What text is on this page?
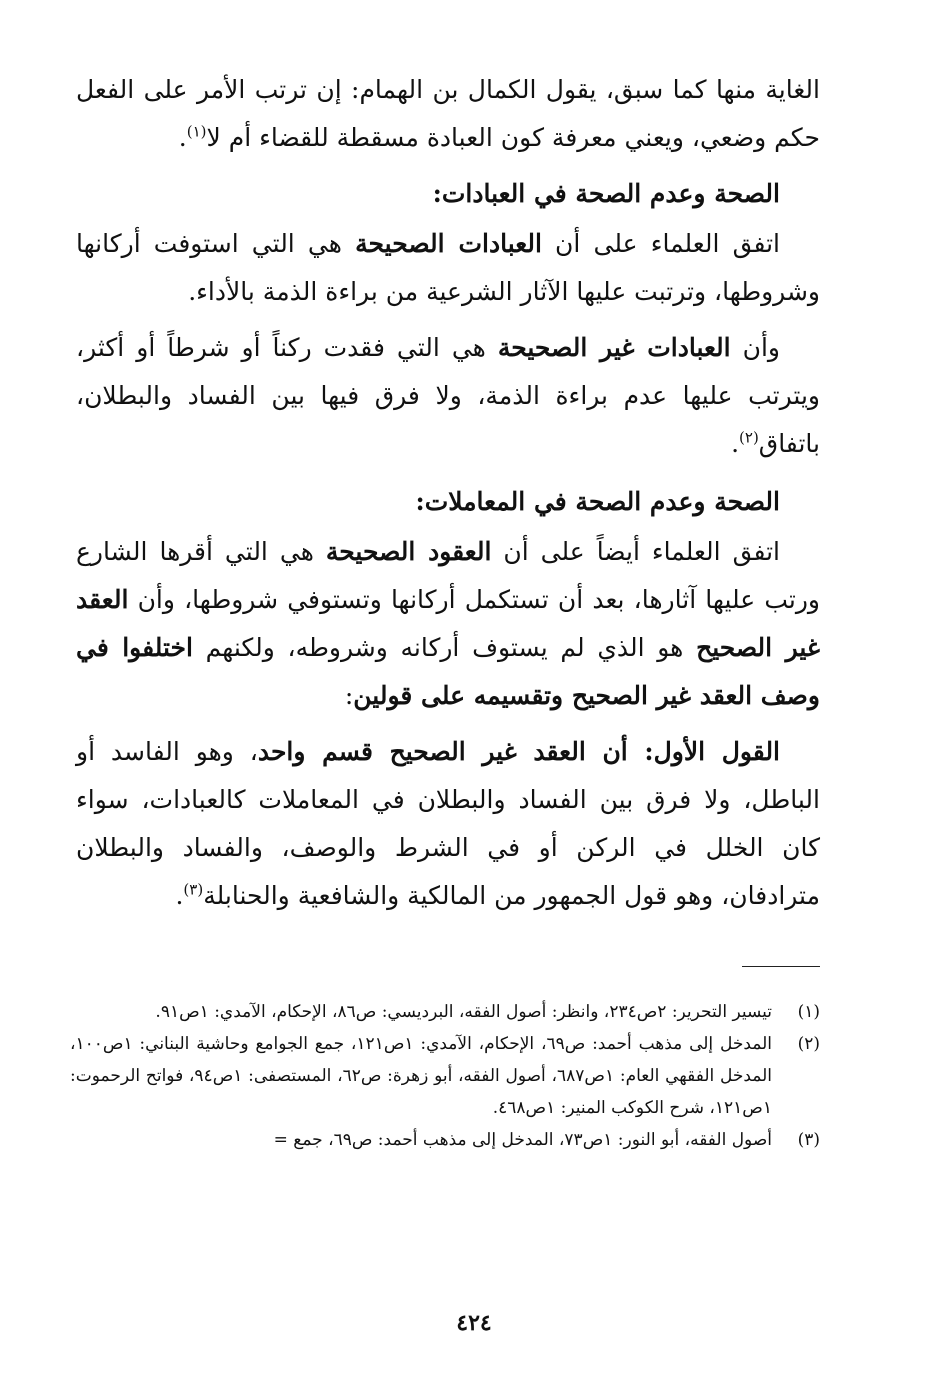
الغاية منها كما سبق، يقول الكمال بن الهمام: إن ترتب الأمر على الفعل حكم وضعي، ويعني معرفة كون العبادة مسقطة للقضاء أم لا$^{(١)}$.

الصحة وعدم الصحة في العبادات:

اتفق العلماء على أن العبادات الصحيحة هي التي استوفت أركانها وشروطها، وترتبت عليها الآثار الشرعية من براءة الذمة بالأداء.

وأن العبادات غير الصحيحة هي التي فقدت ركناً أو شرطاً أو أكثر، ويترتب عليها عدم براءة الذمة، ولا فرق فيها بين الفساد والبطلان، باتفاق$^{(٢)}$.

الصحة وعدم الصحة في المعاملات:

اتفق العلماء أيضاً على أن العقود الصحيحة هي التي أقرها الشارع ورتب عليها آثارها، بعد أن تستكمل أركانها وتستوفي شروطها، وأن العقد غير الصحيح هو الذي لم يستوف أركانه وشروطه، ولكنهم اختلفوا في وصف العقد غير الصحيح وتقسيمه على قولين:

القول الأول: أن العقد غير الصحيح قسم واحد، وهو الفاسد أو الباطل، ولا فرق بين الفساد والبطلان في المعاملات كالعبادات، سواء كان الخلل في الركن أو في الشرط والوصف، والفساد والبطلان مترادفان، وهو قول الجمهور من المالكية والشافعية والحنابلة$^{(٣)}$.

(١)
تيسير التحرير: ٢ص٢٣٤، وانظر: أصول الفقه، البرديسي: ص٨٦، الإحكام، الآمدي: ١ص٩١.

(٢)
المدخل إلى مذهب أحمد: ص٦٩، الإحكام، الآمدي: ١ص١٢١، جمع الجوامع وحاشية البناني: ١ص١٠٠، المدخل الفقهي العام: ١ص٦٨٧، أصول الفقه، أبو زهرة: ص٦٢، المستصفى: ١ص٩٤، فواتح الرحموت: ١ص١٢١، شرح الكوكب المنير: ١ص٤٦٨.

(٣)
أصول الفقه، أبو النور: ١ص٧٣، المدخل إلى مذهب أحمد: ص٦٩، جمع =

٤٢٤
